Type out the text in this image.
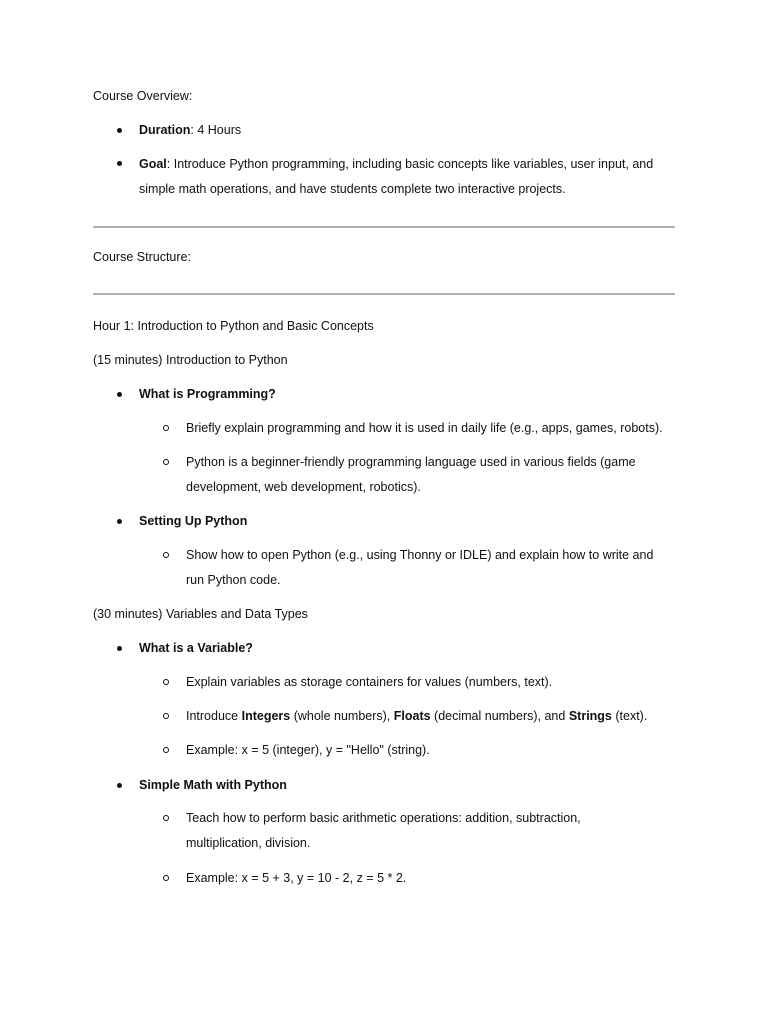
Course Overview:
Duration: 4 Hours
Goal: Introduce Python programming, including basic concepts like variables, user input, and
simple math operations, and have students complete two interactive projects.
Course Structure:
Hour 1: Introduction to Python and Basic Concepts
(15 minutes) Introduction to Python
What is Programming?
Briefly explain programming and how it is used in daily life (e.g., apps, games, robots).
Python is a beginner-friendly programming language used in various fields (game
development, web development, robotics).
Setting Up Python
Show how to open Python (e.g., using Thonny or IDLE) and explain how to write and
run Python code.
(30 minutes) Variables and Data Types
What is a Variable?
Explain variables as storage containers for values (numbers, text).
Introduce Integers (whole numbers), Floats (decimal numbers), and Strings (text).
Example: x = 5 (integer), y = "Hello" (string).
Simple Math with Python
Teach how to perform basic arithmetic operations: addition, subtraction,
multiplication, division.
Example: x = 5 + 3, y = 10 - 2, z = 5 * 2.
